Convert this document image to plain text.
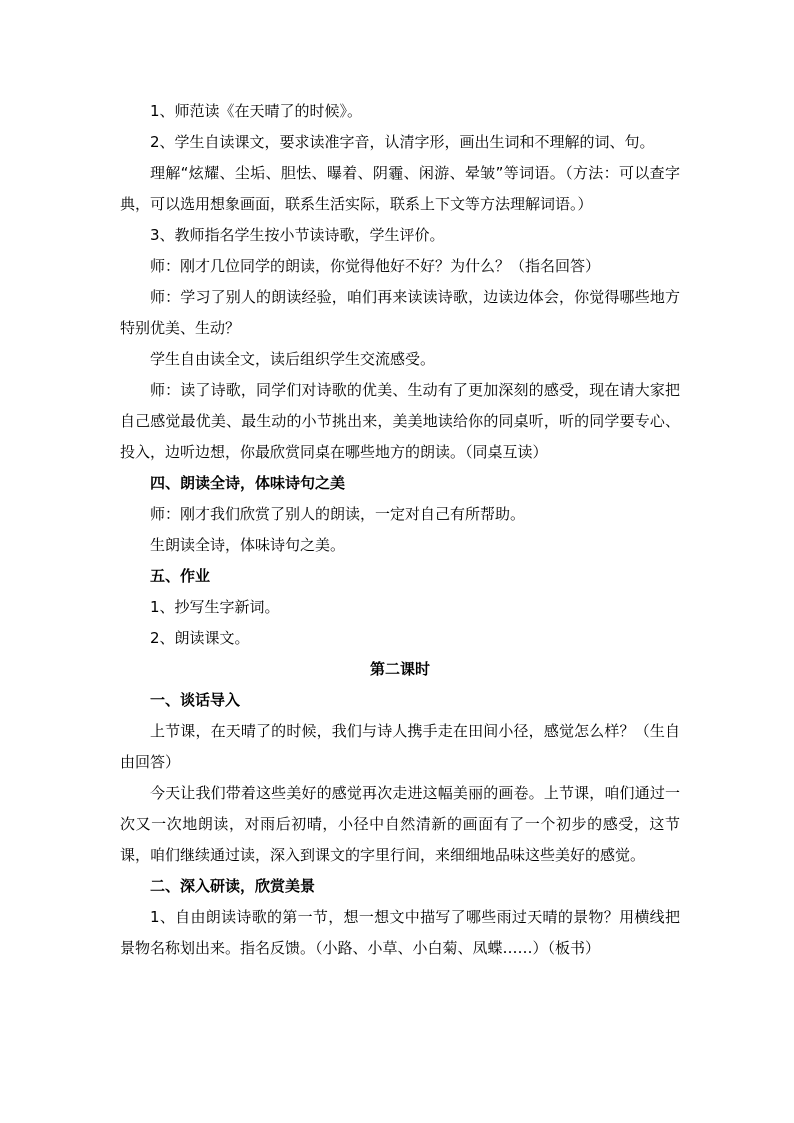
1、师范读《在天晴了的时候》。

2、学生自读课文，要求读准字音，认清字形，画出生词和不理解的词、句。

理解“炫耀、尘垢、胆怯、曝着、阴霾、闲游、晕皱”等词语。（方法：可以查字典，可以选用想象画面，联系生活实际，联系上下文等方法理解词语。）

3、教师指名学生按小节读诗歌，学生评价。

师：刚才几位同学的朗读，你觉得他好不好？为什么？（指名回答）

师：学习了别人的朗读经验，咱们再来读读诗歌，边读边体会，你觉得哪些地方特别优美、生动？

学生自由读全文，读后组织学生交流感受。

师：读了诗歌，同学们对诗歌的优美、生动有了更加深刻的感受，现在请大家把自己感觉最优美、最生动的小节挑出来，美美地读给你的同桌听，听的同学要专心、投入，边听边想，你最欣赏同桌在哪些地方的朗读。（同桌互读）

四、朗读全诗，体味诗句之美

师：刚才我们欣赏了别人的朗读，一定对自己有所帮助。

生朗读全诗，体味诗句之美。

五、作业

1、抄写生字新词。

2、朗读课文。

第二课时

一、谈话导入

上节课，在天晴了的时候，我们与诗人携手走在田间小径，感觉怎么样？（生自由回答）

今天让我们带着这些美好的感觉再次走进这幅美丽的画卷。上节课，咱们通过一次又一次地朗读，对雨后初晴，小径中自然清新的画面有了一个初步的感受，这节课，咱们继续通过读，深入到课文的字里行间，来细细地品味这些美好的感觉。

二、深入研读，欣赏美景

1、自由朗读诗歌的第一节，想一想文中描写了哪些雨过天晴的景物？用横线把景物名称划出来。指名反馈。（小路、小草、小白菊、凤蝶……）（板书）
